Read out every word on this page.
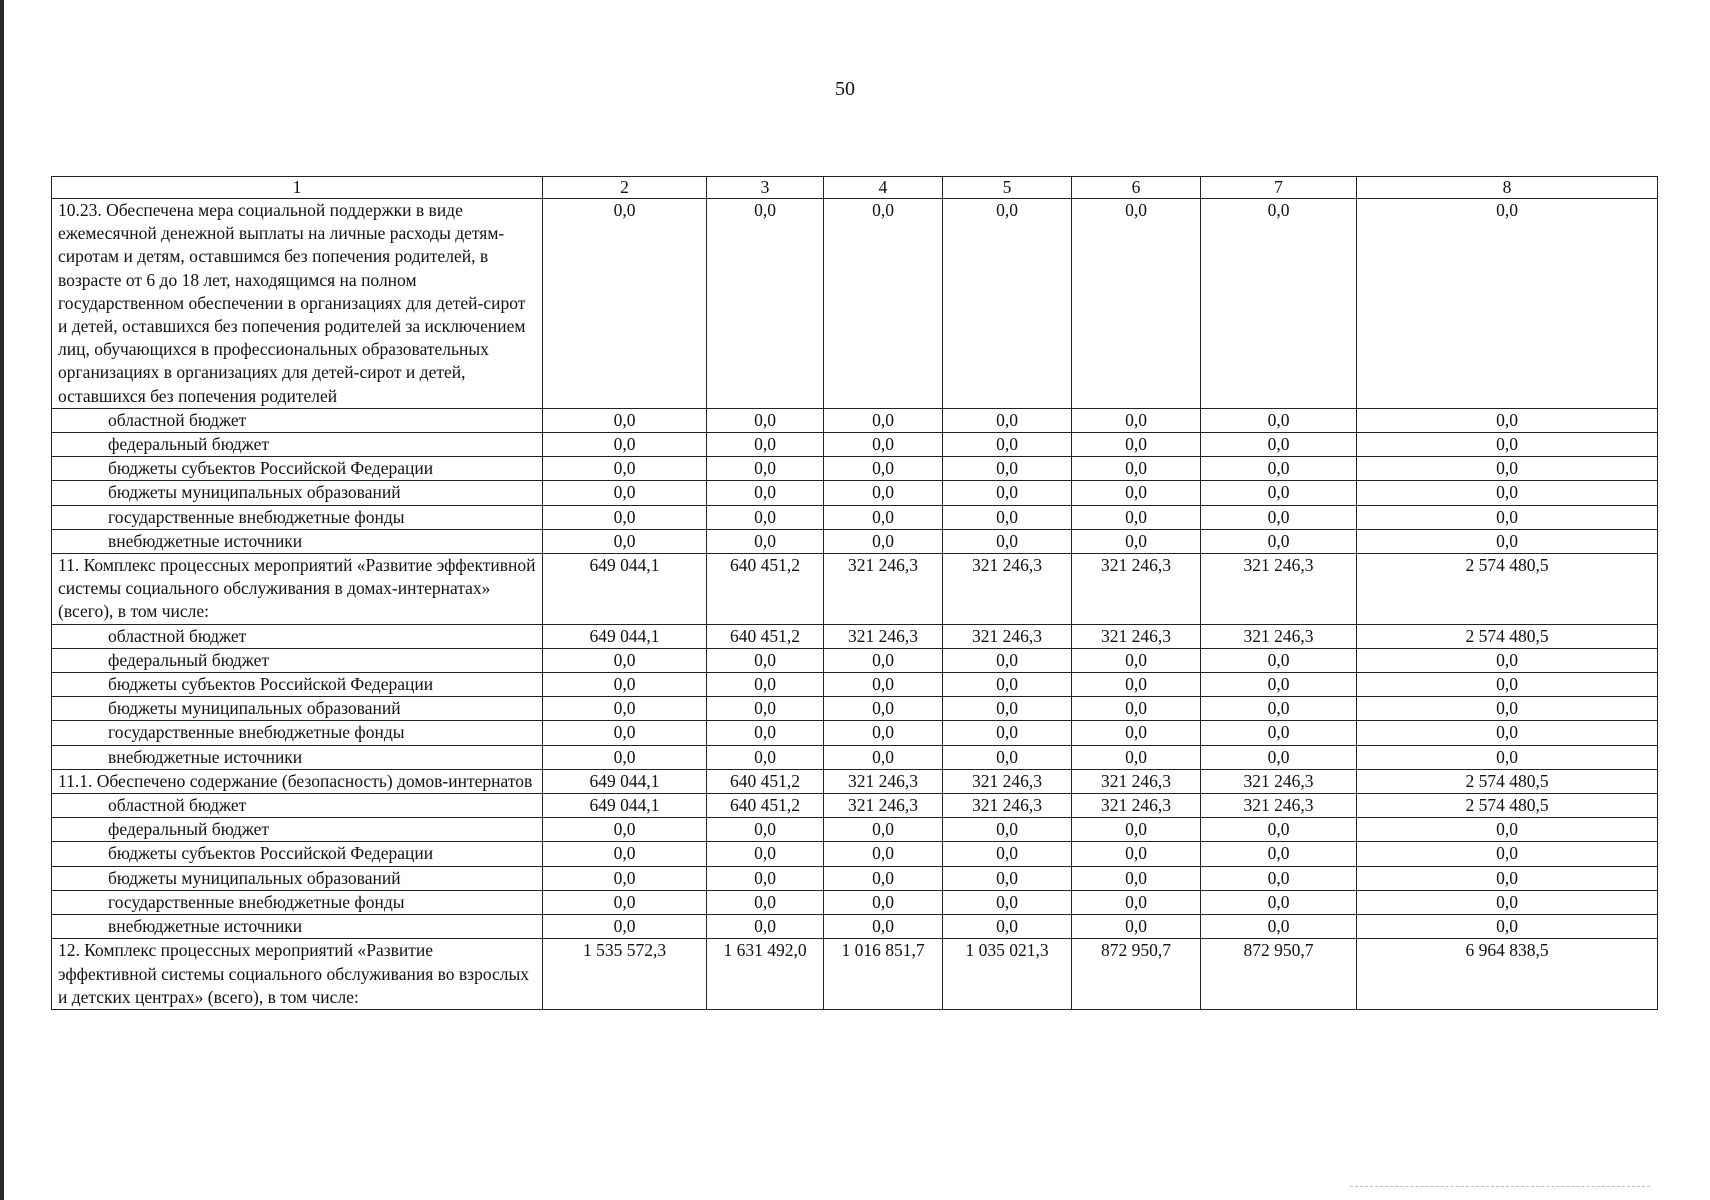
50
1	2	3	4	5	6	7	8
10.23. Обеспечена мера социальной поддержки в виде ежемесячной денежной выплаты на личные расходы детям-сиротам и детям, оставшимся без попечения родителей, в возрасте от 6 до 18 лет, находящимся на полном государственном обеспечении в организациях для детей-сирот и детей, оставшихся без попечения родителей за исключением лиц, обучающихся в профессиональных образовательных организациях в организациях для детей-сирот и детей, оставшихся без попечения родителей	0,0	0,0	0,0	0,0	0,0	0,0	0,0
областной бюджет	0,0	0,0	0,0	0,0	0,0	0,0	0,0
федеральный бюджет	0,0	0,0	0,0	0,0	0,0	0,0	0,0
бюджеты субъектов Российской Федерации	0,0	0,0	0,0	0,0	0,0	0,0	0,0
бюджеты муниципальных образований	0,0	0,0	0,0	0,0	0,0	0,0	0,0
государственные внебюджетные фонды	0,0	0,0	0,0	0,0	0,0	0,0	0,0
внебюджетные источники	0,0	0,0	0,0	0,0	0,0	0,0	0,0
11. Комплекс процессных мероприятий «Развитие эффективной системы социального обслуживания в домах-интернатах» (всего), в том числе:	649 044,1	640 451,2	321 246,3	321 246,3	321 246,3	321 246,3	2 574 480,5
областной бюджет	649 044,1	640 451,2	321 246,3	321 246,3	321 246,3	321 246,3	2 574 480,5
федеральный бюджет	0,0	0,0	0,0	0,0	0,0	0,0	0,0
бюджеты субъектов Российской Федерации	0,0	0,0	0,0	0,0	0,0	0,0	0,0
бюджеты муниципальных образований	0,0	0,0	0,0	0,0	0,0	0,0	0,0
государственные внебюджетные фонды	0,0	0,0	0,0	0,0	0,0	0,0	0,0
внебюджетные источники	0,0	0,0	0,0	0,0	0,0	0,0	0,0
11.1. Обеспечено содержание (безопасность) домов-интернатов	649 044,1	640 451,2	321 246,3	321 246,3	321 246,3	321 246,3	2 574 480,5
областной бюджет	649 044,1	640 451,2	321 246,3	321 246,3	321 246,3	321 246,3	2 574 480,5
федеральный бюджет	0,0	0,0	0,0	0,0	0,0	0,0	0,0
бюджеты субъектов Российской Федерации	0,0	0,0	0,0	0,0	0,0	0,0	0,0
бюджеты муниципальных образований	0,0	0,0	0,0	0,0	0,0	0,0	0,0
государственные внебюджетные фонды	0,0	0,0	0,0	0,0	0,0	0,0	0,0
внебюджетные источники	0,0	0,0	0,0	0,0	0,0	0,0	0,0
12. Комплекс процессных мероприятий «Развитие эффективной системы социального обслуживания во взрослых и детских центрах» (всего), в том числе:	1 535 572,3	1 631 492,0	1 016 851,7	1 035 021,3	872 950,7	872 950,7	6 964 838,5
